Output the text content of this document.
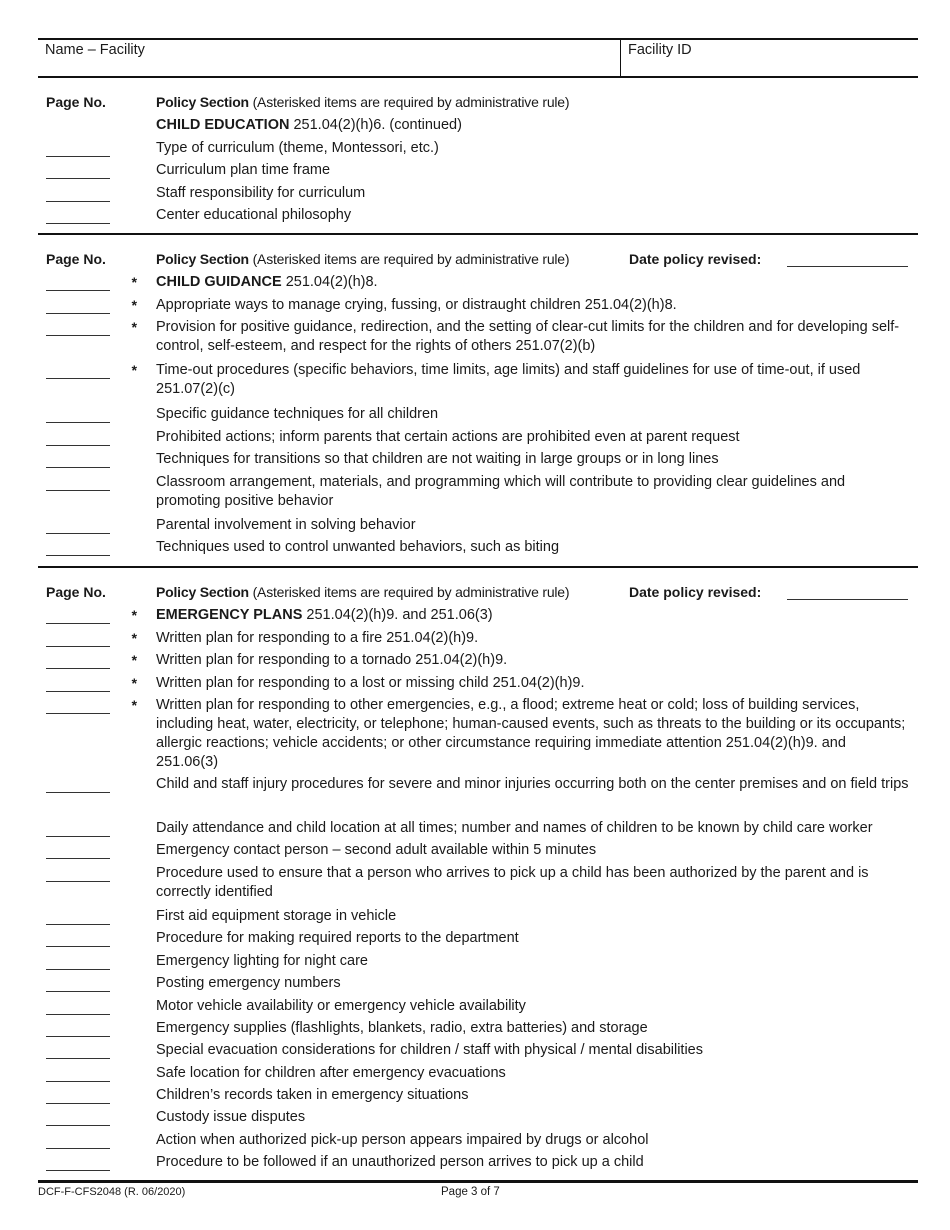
Name – Facility	Facility ID
Page No.	Policy Section (Asterisked items are required by administrative rule)
CHILD EDUCATION 251.04(2)(h)6. (continued)
Type of curriculum (theme, Montessori, etc.)
Curriculum plan time frame
Staff responsibility for curriculum
Center educational philosophy
Page No.	Policy Section (Asterisked items are required by administrative rule)	Date policy revised:
* CHILD GUIDANCE 251.04(2)(h)8.
* Appropriate ways to manage crying, fussing, or distraught children 251.04(2)(h)8.
* Provision for positive guidance, redirection, and the setting of clear-cut limits for the children and for developing self-control, self-esteem, and respect for the rights of others 251.07(2)(b)
* Time-out procedures (specific behaviors, time limits, age limits) and staff guidelines for use of time-out, if used 251.07(2)(c)
Specific guidance techniques for all children
Prohibited actions; inform parents that certain actions are prohibited even at parent request
Techniques for transitions so that children are not waiting in large groups or in long lines
Classroom arrangement, materials, and programming which will contribute to providing clear guidelines and promoting positive behavior
Parental involvement in solving behavior
Techniques used to control unwanted behaviors, such as biting
Page No.	Policy Section (Asterisked items are required by administrative rule)	Date policy revised:
* EMERGENCY PLANS 251.04(2)(h)9. and 251.06(3)
* Written plan for responding to a fire 251.04(2)(h)9.
* Written plan for responding to a tornado 251.04(2)(h)9.
* Written plan for responding to a lost or missing child 251.04(2)(h)9.
* Written plan for responding to other emergencies, e.g., a flood; extreme heat or cold; loss of building services, including heat, water, electricity, or telephone; human-caused events, such as threats to the building or its occupants; allergic reactions; vehicle accidents; or other circumstance requiring immediate attention 251.04(2)(h)9. and 251.06(3)
Child and staff injury procedures for severe and minor injuries occurring both on the center premises and on field trips
Daily attendance and child location at all times; number and names of children to be known by child care worker
Emergency contact person – second adult available within 5 minutes
Procedure used to ensure that a person who arrives to pick up a child has been authorized by the parent and is correctly identified
First aid equipment storage in vehicle
Procedure for making required reports to the department
Emergency lighting for night care
Posting emergency numbers
Motor vehicle availability or emergency vehicle availability
Emergency supplies (flashlights, blankets, radio, extra batteries) and storage
Special evacuation considerations for children / staff with physical / mental disabilities
Safe location for children after emergency evacuations
Children’s records taken in emergency situations
Custody issue disputes
Action when authorized pick-up person appears impaired by drugs or alcohol
Procedure to be followed if an unauthorized person arrives to pick up a child
DCF-F-CFS2048 (R. 06/2020)	Page 3 of 7
